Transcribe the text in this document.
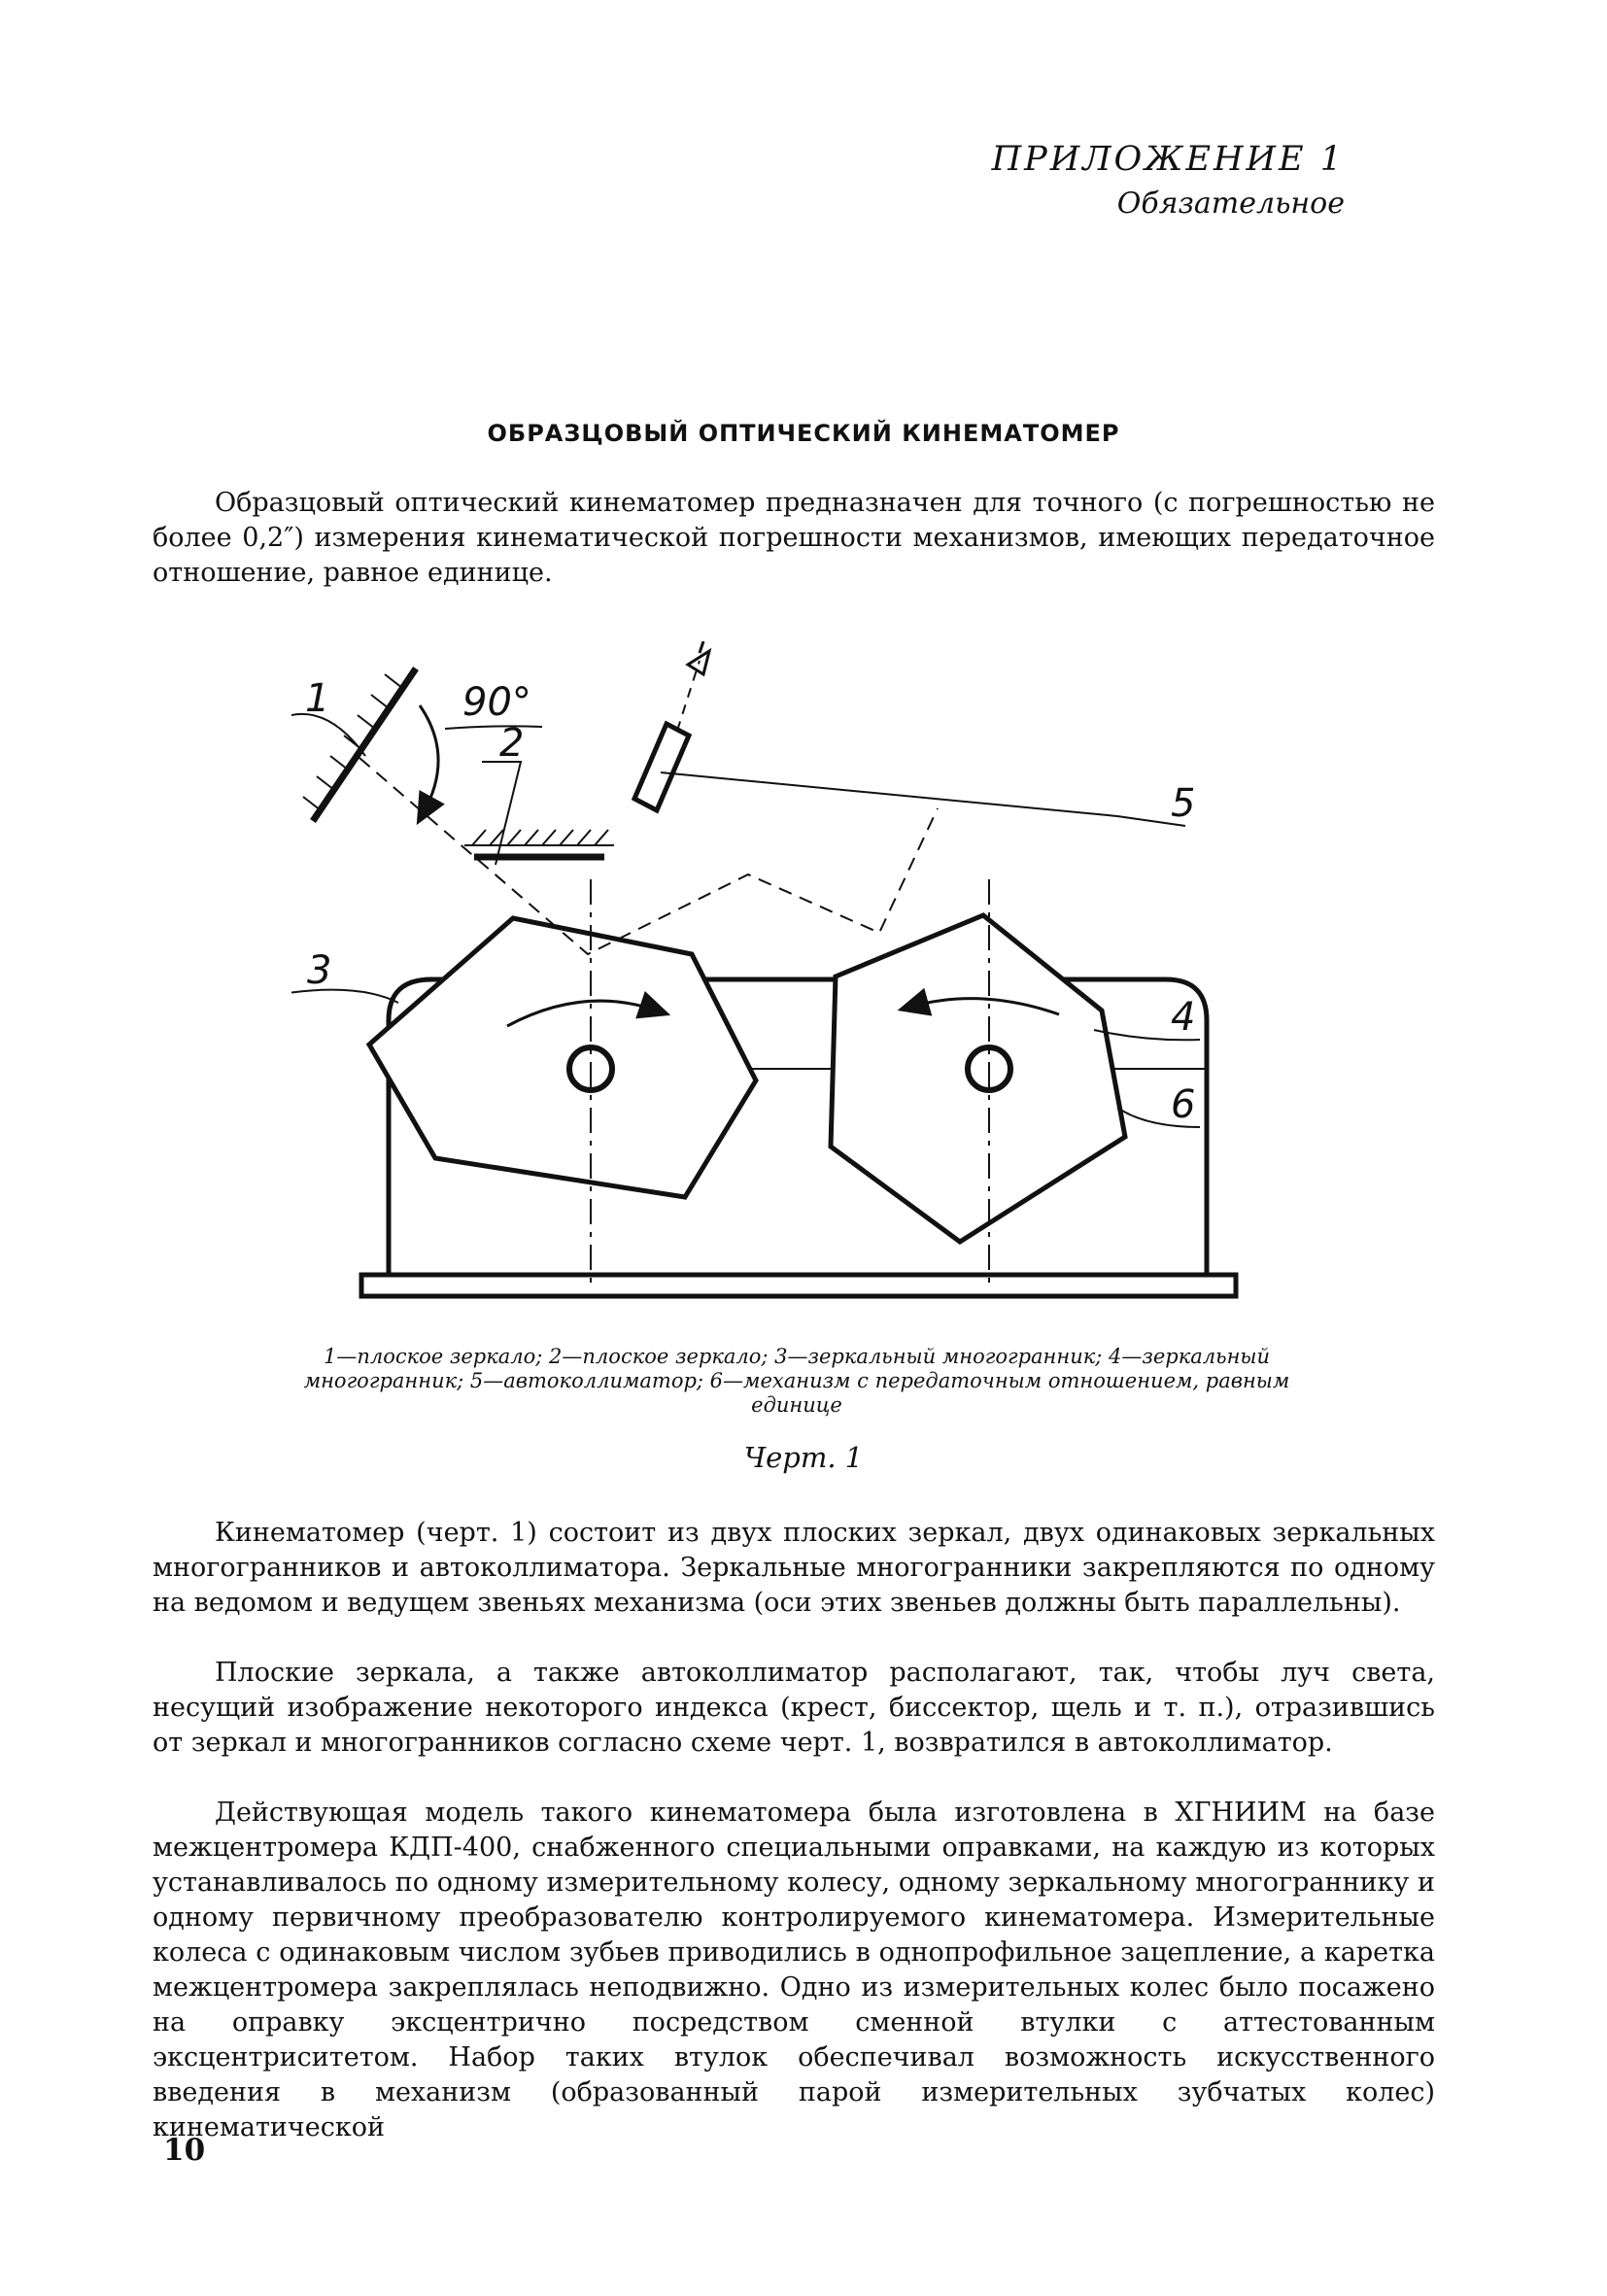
ПРИЛОЖЕНИЕ 1
Обязательное
ОБРАЗЦОВЫЙ ОПТИЧЕСКИЙ КИНЕМАТОМЕР
Образцовый оптический кинематомер предназначен для точного (с погрешностью не более 0,2″) измерения кинематической погрешности механизмов, имеющих передаточное отношение, равное единице.
1	90°
2
5
3
4
6
1—плоское зеркало; 2—плоское зеркало; 3—зеркальный многогранник; 4—зеркальный многогранник; 5—автоколлиматор; 6—механизм с передаточным отношением, равным единице
Черт. 1
Кинематомер (черт. 1) состоит из двух плоских зеркал, двух одинаковых зеркальных многогранников и автоколлиматора. Зеркальные многогранники закрепляются по одному на ведомом и ведущем звеньях механизма (оси этих звеньев должны быть параллельны).
Плоские зеркала, а также автоколлиматор располагают, так, чтобы луч света, несущий изображение некоторого индекса (крест, биссектор, щель и т. п.), отразившись от зеркал и многогранников согласно схеме черт. 1, возвратился в автоколлиматор.
Действующая модель такого кинематомера была изготовлена в ХГНИИМ на базе межцентромера КДП-400, снабженного специальными оправками, на каждую из которых устанавливалось по одному измерительному колесу, одному зеркальному многограннику и одному первичному преобразователю контролируемого кинематомера. Измерительные колеса с одинаковым числом зубьев приводились в однопрофильное зацепление, а каретка межцентромера закреплялась неподвижно. Одно из измерительных колес было посажено на оправку эксцентрично посредством сменной втулки с аттестованным эксцентриситетом. Набор таких втулок обеспечивал возможность искусственного введения в механизм (образованный парой измерительных зубчатых колес) кинематической
10
